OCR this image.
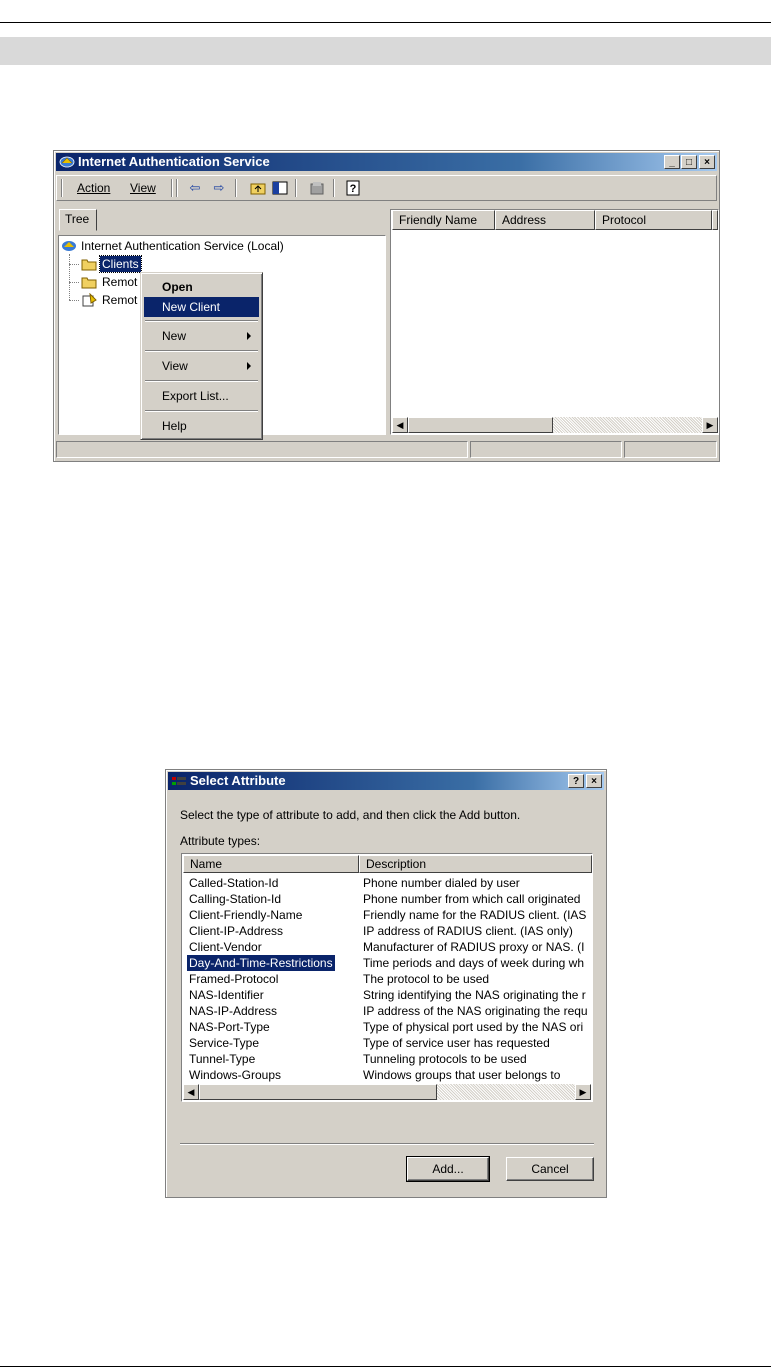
Internet Authentication Service	_	□	×
Action View	⇦ ⇨	?
Tree
Internet Authentication Service (Local)
Clients
Remot
Remot
Friendly Name	Address	Protocol
◀	▶
Open
New Client
New
View
Export List...
Help
Select Attribute	?	×
Select the type of attribute to add, and then click the Add button.
Attribute types:
Name	Description
Called-Station-Id	Phone number dialed by user
Calling-Station-Id	Phone number from which call originated
Client-Friendly-Name	Friendly name for the RADIUS client. (IAS
Client-IP-Address	IP address of RADIUS client. (IAS only)
Client-Vendor	Manufacturer of RADIUS proxy or NAS. (I
Day-And-Time-Restrictions	Time periods and days of week during wh
Framed-Protocol	The protocol to be used
NAS-Identifier	String identifying the NAS originating the r
NAS-IP-Address	IP address of the NAS originating the requ
NAS-Port-Type	Type of physical port used by the NAS ori
Service-Type	Type of service user has requested
Tunnel-Type	Tunneling protocols to be used
Windows-Groups	Windows groups that user belongs to
◀	▶
Add...	Cancel
